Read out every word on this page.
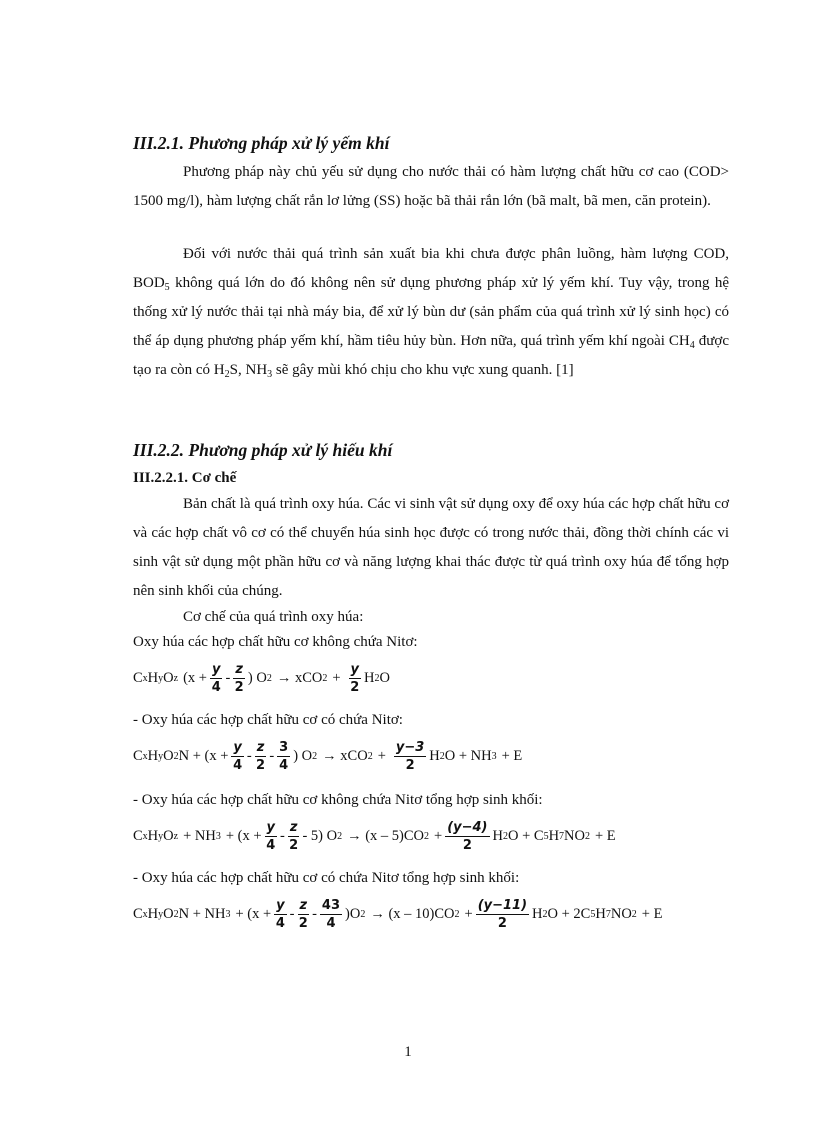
III.2.1. Phương pháp xử lý yếm khí
Phương pháp này chủ yếu sử dụng cho nước thải có hàm lượng chất hữu cơ cao (COD> 1500 mg/l), hàm lượng chất rắn lơ lửng (SS) hoặc bã thải rắn lớn (bã malt, bã men, căn protein).
Đối với nước thải quá trình sản xuất bia khi chưa được phân luồng, hàm lượng COD, $BOD_5$ không quá lớn do đó không nên sử dụng phương pháp xử lý yếm khí. Tuy vậy, trong hệ thống xử lý nước thải tại nhà máy bia, để xử lý bùn dư (sản phẩm của quá trình xử lý sinh học) có thể áp dụng phương pháp yếm khí, hầm tiêu hủy bùn. Hơn nữa, quá trình yếm khí ngoài $CH_4$ được tạo ra còn có $H_2S$, $NH_3$ sẽ gây mùi khó chịu cho khu vực xung quanh. [1]
III.2.2. Phương pháp xử lý hiếu khí
III.2.2.1. Cơ chế
Bản chất là quá trình oxy húa. Các vi sinh vật sử dụng oxy để oxy húa các hợp chất hữu cơ và các hợp chất vô cơ có thể chuyển húa sinh học được có trong nước thải, đồng thời chính các vi sinh vật sử dụng một phần hữu cơ và năng lượng khai thác được từ quá trình oxy húa để tổng hợp nên sinh khối của chúng.
Cơ chế của quá trình oxy húa:
Oxy húa các hợp chất hữu cơ không chứa Nitơ:
C x H y O z ($x + \frac{y}{4} - \frac{z}{2}$ ) O 2 → xCO $2 + \frac{y}{2}$ H 2 O
- Oxy húa các hợp chất hữu cơ có chứa Nitơ:
C x H y O 2 $N + (x + \frac{y}{4} - \frac{z}{2} - \frac{3}{4}$ ) O 2 → xCO $2 + \frac{y-3}{2}$ H 2 O + NH 3 + E
- Oxy húa các hợp chất hữu cơ không chứa Nitơ tổng hợp sinh khối:
C x H y O z + NH $3 + (x + \frac{y}{4} - \frac{z}{2} - 5)$ O 2 → (x – 5)CO $2 + \frac{(y-4)}{2}$ H 2 O + C 5 H 7 NO 2 + E
- Oxy húa các hợp chất hữu cơ có chứa Nitơ tổng hợp sinh khối:
C x H y O 2 N + NH $3 + (x + \frac{y}{4} - \frac{z}{2} - \frac{43}{4} )O$ 2 → (x – 10)CO $2 + \frac{(y-11)}{2}$ H 2 O + 2C 5 H 7 NO 2 + E
1
